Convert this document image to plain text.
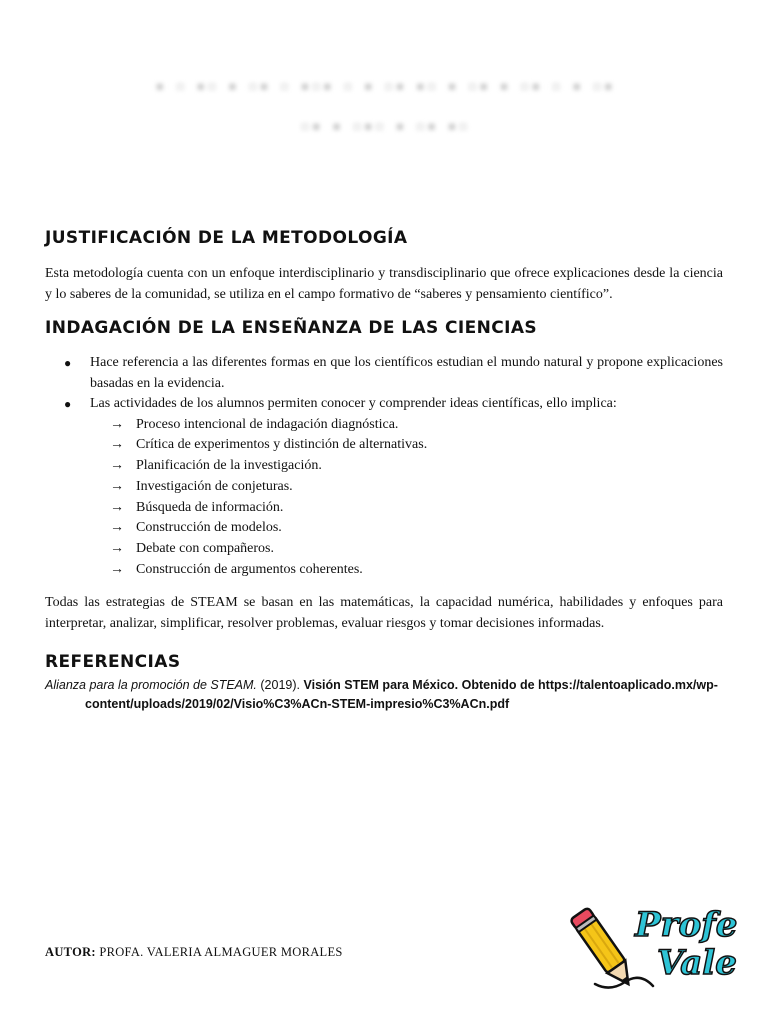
▪ ▫ ▪▫ ▪ ▫▪ ▫ ▪▫▪ ▫ ▪ ▫▪ ▪▫ ▪ ▫▪ ▪ ▫▪ ▫ ▪ ▫▪
▫▪ ▪ ▫▪▫ ▪ ▫▪ ▪▫
JUSTIFICACIÓN DE LA METODOLOGÍA

Esta metodología cuenta con un enfoque interdisciplinario y transdisciplinario que ofrece explicaciones desde la ciencia y lo saberes de la comunidad, se utiliza en el campo formativo de “saberes y pensamiento científico”.

INDAGACIÓN DE LA ENSEÑANZA DE LAS CIENCIAS
● Hace referencia a las diferentes formas en que los científicos estudian el mundo natural y propone explicaciones basadas en la evidencia.
● Las actividades de los alumnos permiten conocer y comprender ideas científicas, ello implica:
→ Proceso intencional de indagación diagnóstica.
→ Crítica de experimentos y distinción de alternativas.
→ Planificación de la investigación.
→ Investigación de conjeturas.
→ Búsqueda de información.
→ Construcción de modelos.
→ Debate con compañeros.
→ Construcción de argumentos coherentes.

Todas las estrategias de STEAM se basan en las matemáticas, la capacidad numérica, habilidades y enfoques para interpretar, analizar, simplificar, resolver problemas, evaluar riesgos y tomar decisiones informadas.

REFERENCIAS
Alianza para la promoción de STEAM. (2019). Visión STEM para México. Obtenido de https://talentoaplicado.mx/wp-
content/uploads/2019/02/Visio%C3%ACn-STEM-impresio%C3%ACn.pdf
AUTOR: PROFA. VALERIA ALMAGUER MORALES
Profe
Vale
